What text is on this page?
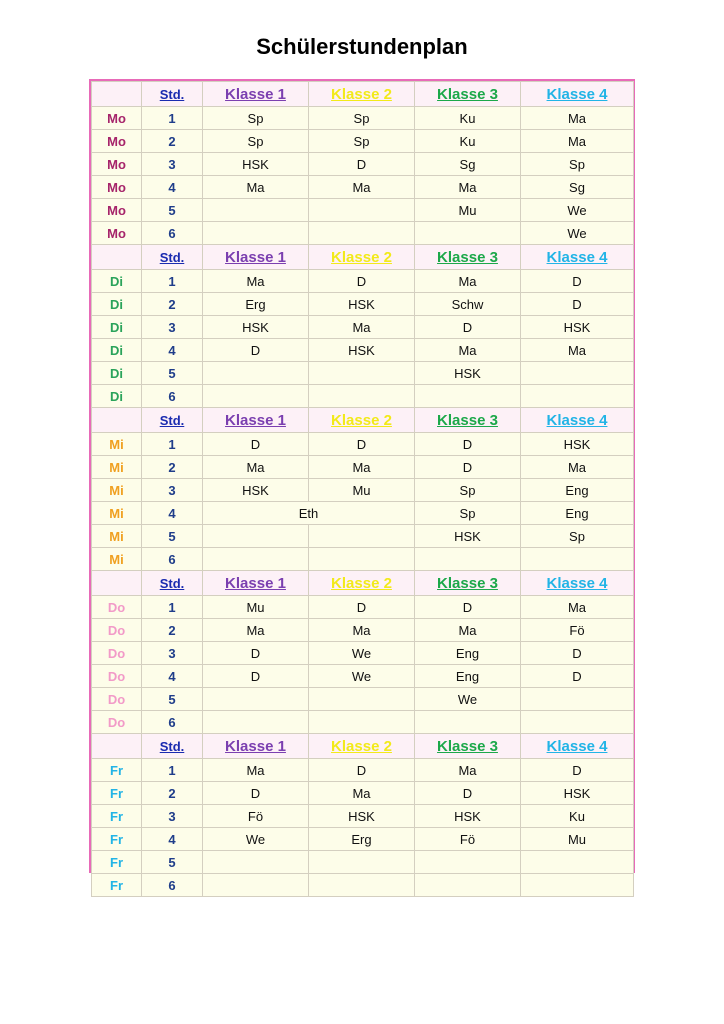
Schülerstundenplan
	Std.	Klasse 1	Klasse 2	Klasse 3	Klasse 4
Mo	1	Sp	Sp	Ku	Ma
Mo	2	Sp	Sp	Ku	Ma
Mo	3	HSK	D	Sg	Sp
Mo	4	Ma	Ma	Ma	Sg
Mo	5			Mu	We
Mo	6				We
	Std.	Klasse 1	Klasse 2	Klasse 3	Klasse 4
Di	1	Ma	D	Ma	D
Di	2	Erg	HSK	Schw	D
Di	3	HSK	Ma	D	HSK
Di	4	D	HSK	Ma	Ma
Di	5			HSK	
Di	6				
	Std.	Klasse 1	Klasse 2	Klasse 3	Klasse 4
Mi	1	D	D	D	HSK
Mi	2	Ma	Ma	D	Ma
Mi	3	HSK	Mu	Sp	Eng
Mi	4	Eth		Sp	Eng
Mi	5			HSK	Sp
Mi	6				
	Std.	Klasse 1	Klasse 2	Klasse 3	Klasse 4
Do	1	Mu	D	D	Ma
Do	2	Ma	Ma	Ma	Fö
Do	3	D	We	Eng	D
Do	4	D	We	Eng	D
Do	5			We	
Do	6				
	Std.	Klasse 1	Klasse 2	Klasse 3	Klasse 4
Fr	1	Ma	D	Ma	D
Fr	2	D	Ma	D	HSK
Fr	3	Fö	HSK	HSK	Ku
Fr	4	We	Erg	Fö	Mu
Fr	5				
Fr	6				
